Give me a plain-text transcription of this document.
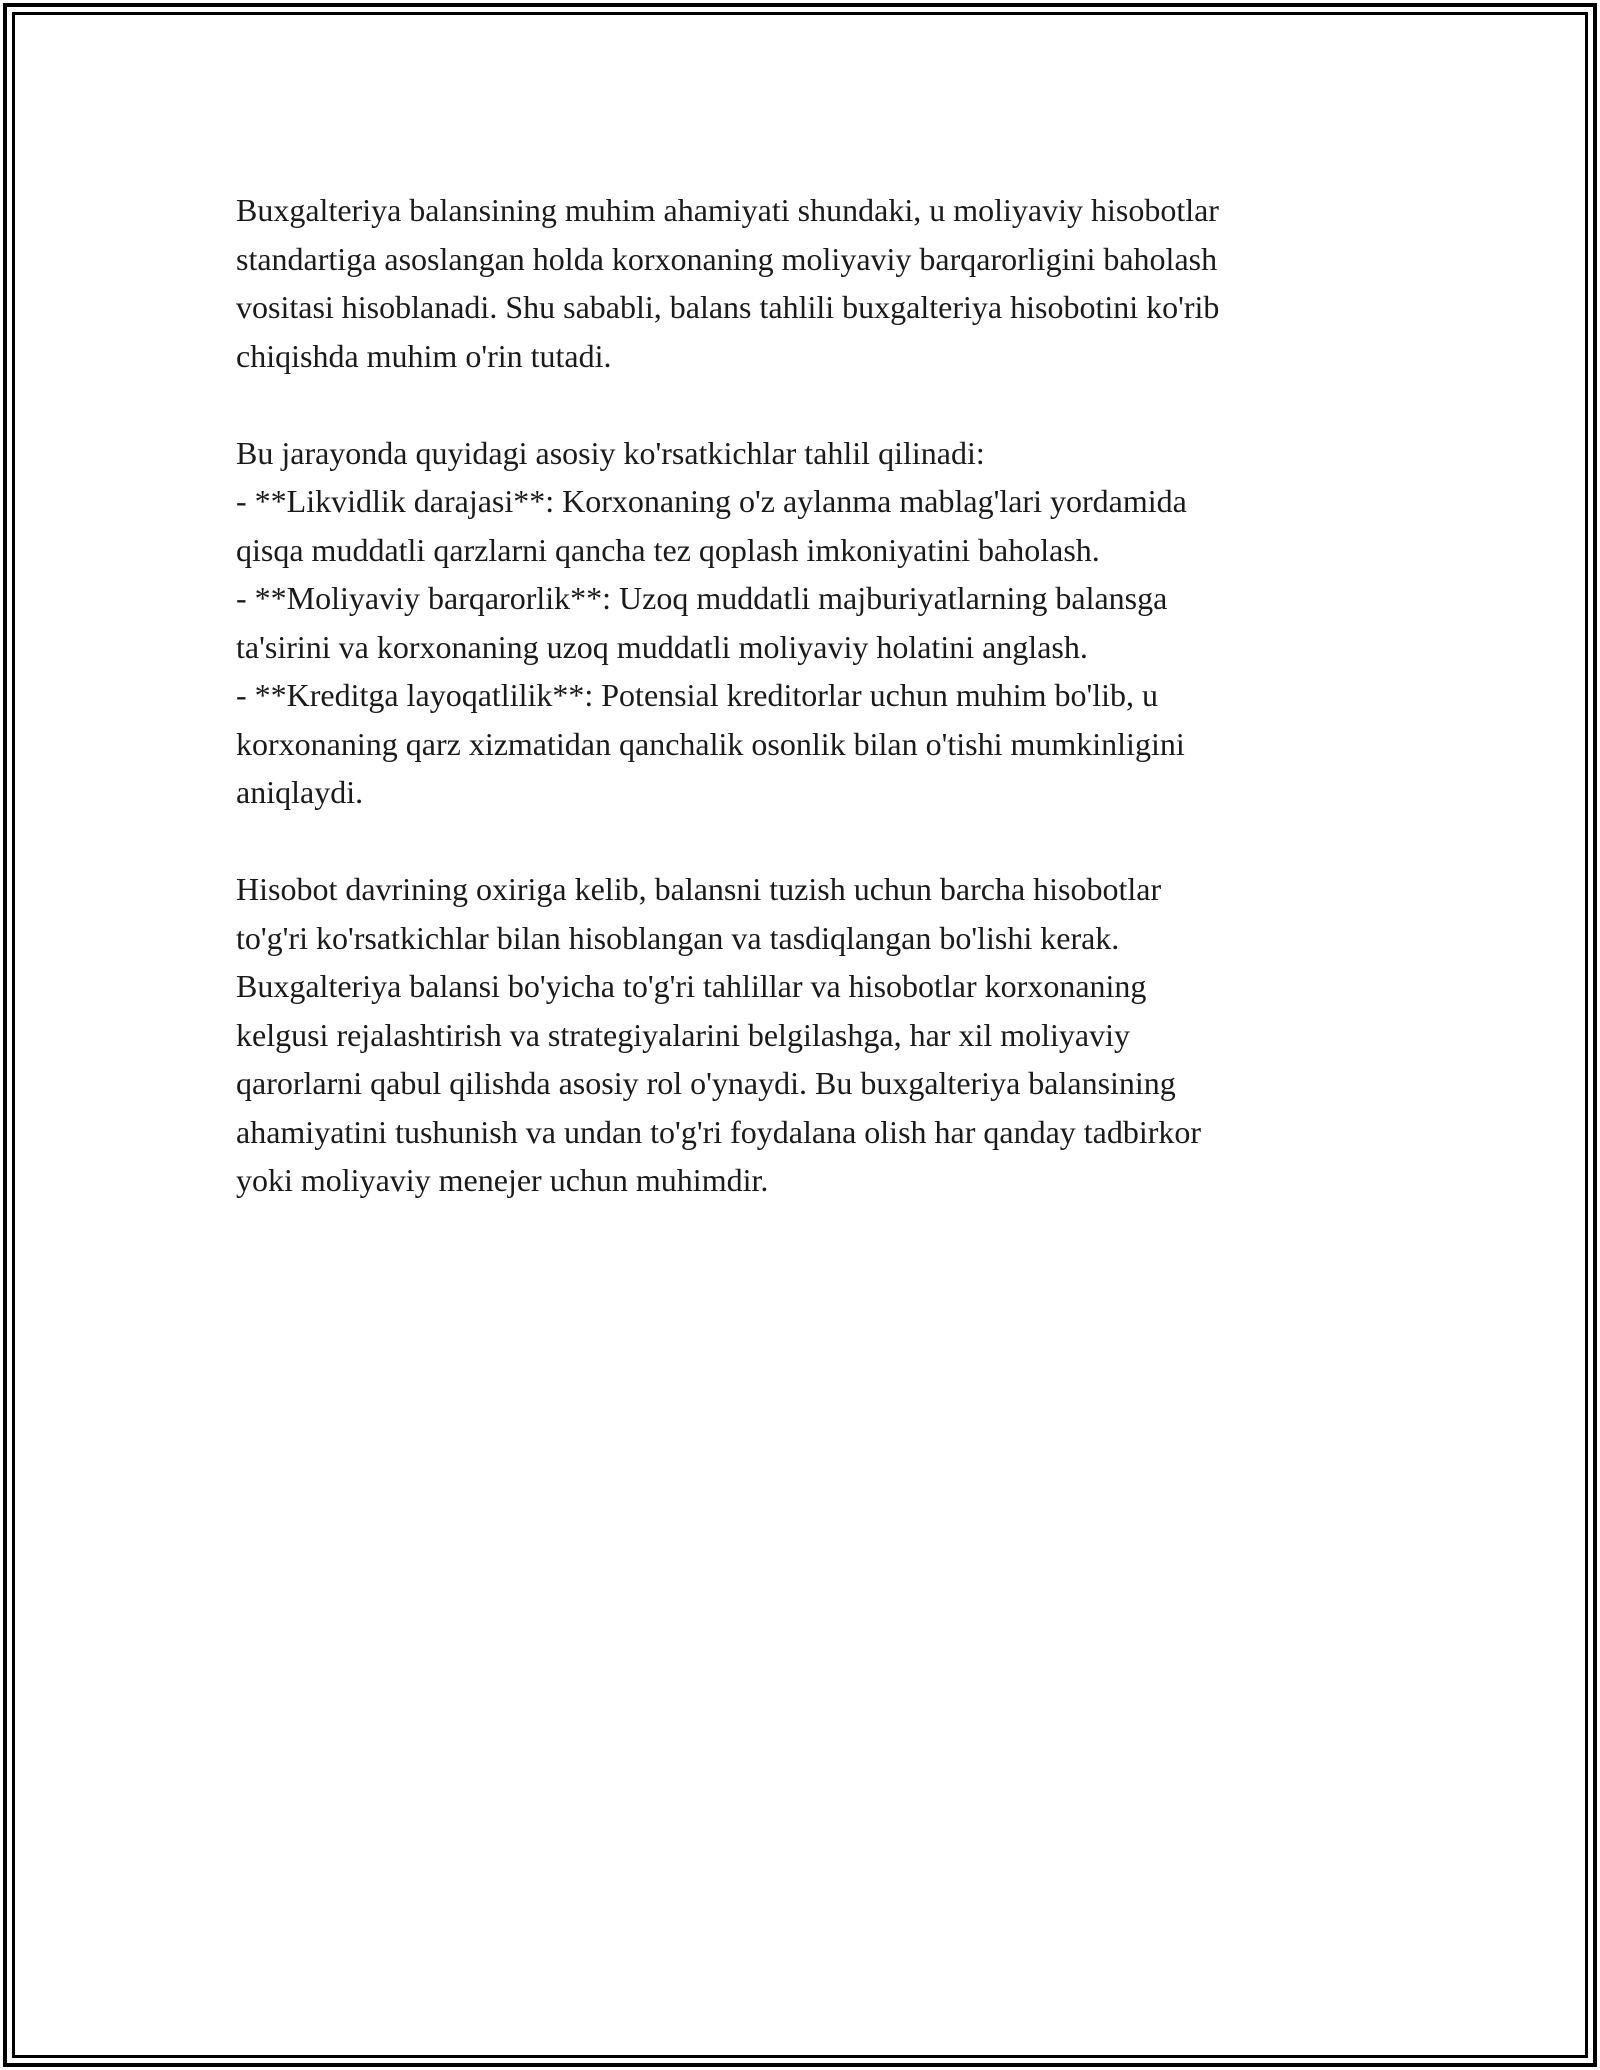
Buxgalteriya balansining muhim ahamiyati shundaki, u moliyaviy hisobotlar
standartiga asoslangan holda korxonaning moliyaviy barqarorligini baholash
vositasi hisoblanadi. Shu sababli, balans tahlili buxgalteriya hisobotini ko'rib
chiqishda muhim o'rin tutadi.

Bu jarayonda quyidagi asosiy ko'rsatkichlar tahlil qilinadi:
- **Likvidlik darajasi**: Korxonaning o'z aylanma mablag'lari yordamida
qisqa muddatli qarzlarni qancha tez qoplash imkoniyatini baholash.
- **Moliyaviy barqarorlik**: Uzoq muddatli majburiyatlarning balansga
ta'sirini va korxonaning uzoq muddatli moliyaviy holatini anglash.
- **Kreditga layoqatlilik**: Potensial kreditorlar uchun muhim bo'lib, u
korxonaning qarz xizmatidan qanchalik osonlik bilan o'tishi mumkinligini
aniqlaydi.

Hisobot davrining oxiriga kelib, balansni tuzish uchun barcha hisobotlar
to'g'ri ko'rsatkichlar bilan hisoblangan va tasdiqlangan bo'lishi kerak.
Buxgalteriya balansi bo'yicha to'g'ri tahlillar va hisobotlar korxonaning
kelgusi rejalashtirish va strategiyalarini belgilashga, har xil moliyaviy
qarorlarni qabul qilishda asosiy rol o'ynaydi. Bu buxgalteriya balansining
ahamiyatini tushunish va undan to'g'ri foydalana olish har qanday tadbirkor
yoki moliyaviy menejer uchun muhimdir.
